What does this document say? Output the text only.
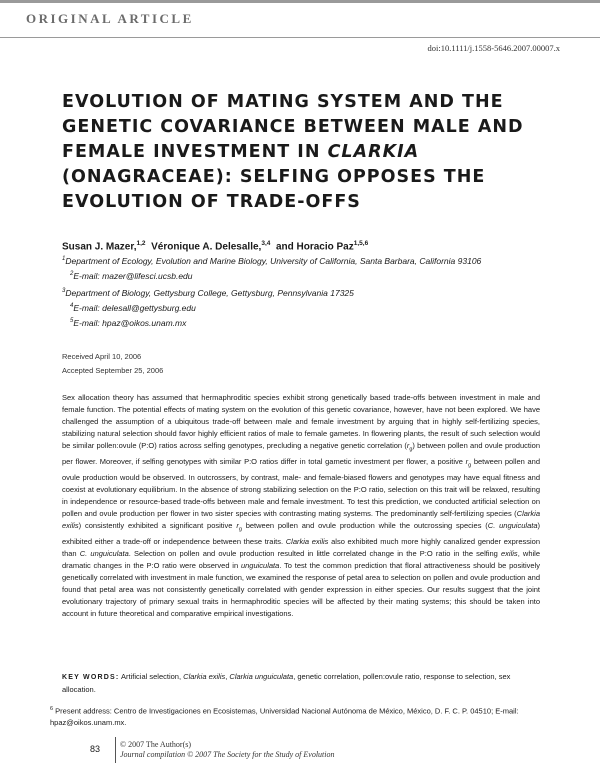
ORIGINAL ARTICLE
doi:10.1111/j.1558-5646.2007.00007.x
EVOLUTION OF MATING SYSTEM AND THE GENETIC COVARIANCE BETWEEN MALE AND FEMALE INVESTMENT IN CLARKIA (ONAGRACEAE): SELFING OPPOSES THE EVOLUTION OF TRADE-OFFS
Susan J. Mazer,$^{1,2}$ Véronique A. Delesalle,$^{3,4}$ and Horacio Paz$^{1,5,6}$
$^1$Department of Ecology, Evolution and Marine Biology, University of California, Santa Barbara, California 93106
$^2$E-mail: mazer@lifesci.ucsb.edu
$^3$Department of Biology, Gettysburg College, Gettysburg, Pennsylvania 17325
$^4$E-mail: delesall@gettysburg.edu
$^5$E-mail: hpaz@oikos.unam.mx
Received April 10, 2006
Accepted September 25, 2006

Sex allocation theory has assumed that hermaphroditic species exhibit strong genetically based trade-offs between investment in male and female function. The potential effects of mating system on the evolution of this genetic covariance, however, have not been explored. We have challenged the assumption of a ubiquitous trade-off between male and female investment by arguing that in highly self-fertilizing species, stabilizing natural selection should favor highly efficient ratios of male to female gametes. In flowering plants, the result of such selection would be similar pollen:ovule (P:O) ratios across selfing genotypes, precluding a negative genetic correlation $(r_g)$ between pollen and ovule production per flower. Moreover, if selfing genotypes with similar P:O ratios differ in total gametic investment per flower, a positive $r_g$ between pollen and ovule production would be observed. In outcrossers, by contrast, male- and female-biased flowers and genotypes may have equal fitness and coexist at evolutionary equilibrium. In the absence of strong stabilizing selection on the P:O ratio, selection on this trait will be relaxed, resulting in independence or resource-based trade-offs between male and female investment. To test this prediction, we conducted artificial selection on pollen and ovule production per flower in two sister species with contrasting mating systems. The predominantly self-fertilizing species (Clarkia exilis) consistently exhibited a significant positive $r_g$ between pollen and ovule production while the outcrossing species (C. unguiculata) exhibited either a trade-off or independence between these traits. Clarkia exilis also exhibited much more highly canalized gender expression than C. unguiculata. Selection on pollen and ovule production resulted in little correlated change in the P:O ratio in the selfing exilis, while dramatic changes in the P:O ratio were observed in unguiculata. To test the common prediction that floral attractiveness should be positively genetically correlated with investment in male function, we examined the response of petal area to selection on pollen and ovule production and found that petal area was not consistently genetically correlated with gender expression in either species. Our results suggest that the joint evolutionary trajectory of primary sexual traits in hermaphroditic species will be affected by their mating systems; this should be taken into account in future theoretical and comparative empirical investigations.

KEY WORDS: Artificial selection, Clarkia exilis, Clarkia unguiculata, genetic correlation, pollen:ovule ratio, response to selection, sex allocation.

$^6$ Present address: Centro de Investigaciones en Ecosistemas, Universidad Nacional Autónoma de México, México, D. F. C. P. 04510; E-mail: hpaz@oikos.unam.mx.

83 © 2007 The Author(s)
Journal compilation © 2007 The Society for the Study of Evolution
